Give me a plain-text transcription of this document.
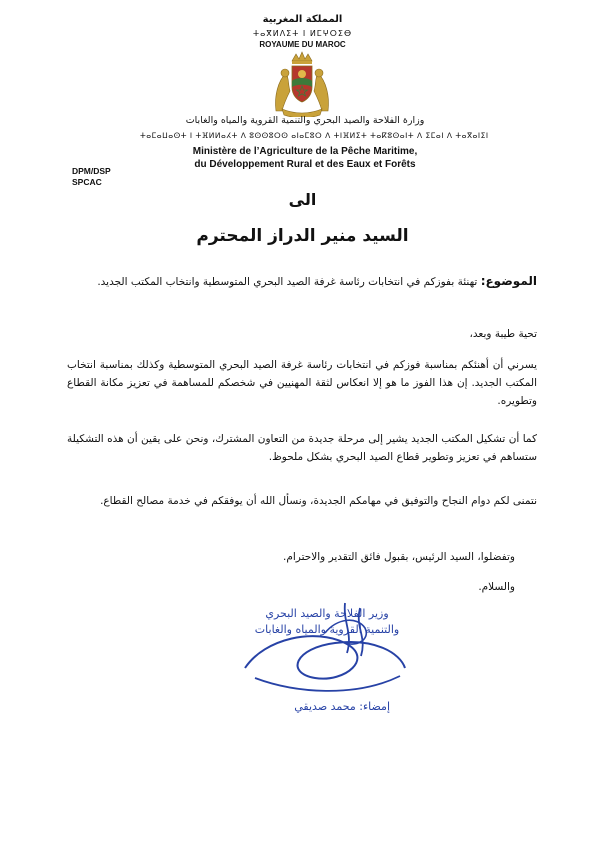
المملكة المغربية
ⵜⴰⴳⵍⴷⵉⵜ ⵏ ⵍⵎⵖⵔⵉⴱ
ROYAUME DU MAROC
وزارة الفلاحة والصيد البحري والتنمية القروية والمياه والغابات
ⵜⴰⵎⴰⵡⴰⵙⵜ ⵏ ⵜⴼⵍⵍⴰⵃⵜ ⴷ ⵓⵙⵙⵓⵔⵙ ⴰⵏⴰⵎⵓⵔ ⴷ ⵜⵏⴼⵍⵉⵜ ⵜⴰⴽⵓⵙⴰⵏⵜ ⴷ ⵉⵎⴰⵏ ⴷ ⵜⴰⴳⴰⵏⵉⵏ
Ministère de l’Agriculture de la Pêche Maritime,
du Développement Rural et des Eaux et Forêts
DPM/DSP
SPCAC
الى
السيد منير الدراز المحترم
الموضوع: تهنئة بفوزكم في انتخابات رئاسة غرفة الصيد البحري المتوسطية وانتخاب المكتب الجديد.
تحية طيبة وبعد،
يسرني أن أهنئكم بمناسبة فوزكم في انتخابات رئاسة غرفة الصيد البحري المتوسطية وكذلك بمناسبة انتخاب المكتب الجديد. إن هذا الفوز ما هو إلا انعكاس لثقة المهنيين في شخصكم للمساهمة في تعزيز مكانة القطاع وتطويره.
كما أن تشكيل المكتب الجديد يشير إلى مرحلة جديدة من التعاون المشترك، ونحن على يقين أن هذه التشكيلة ستساهم في تعزيز وتطوير قطاع الصيد البحري بشكل ملحوظ.
نتمنى لكم دوام النجاح والتوفيق في مهامكم الجديدة، ونسأل الله أن يوفقكم في خدمة مصالح القطاع.
وتفضلوا، السيد الرئيس، بقبول فائق التقدير والاحترام.
والسلام.
وزير الفلاحة والصيد البحري
والتنمية القروية والمياه والغابات
إمضاء: محمد صديقي
